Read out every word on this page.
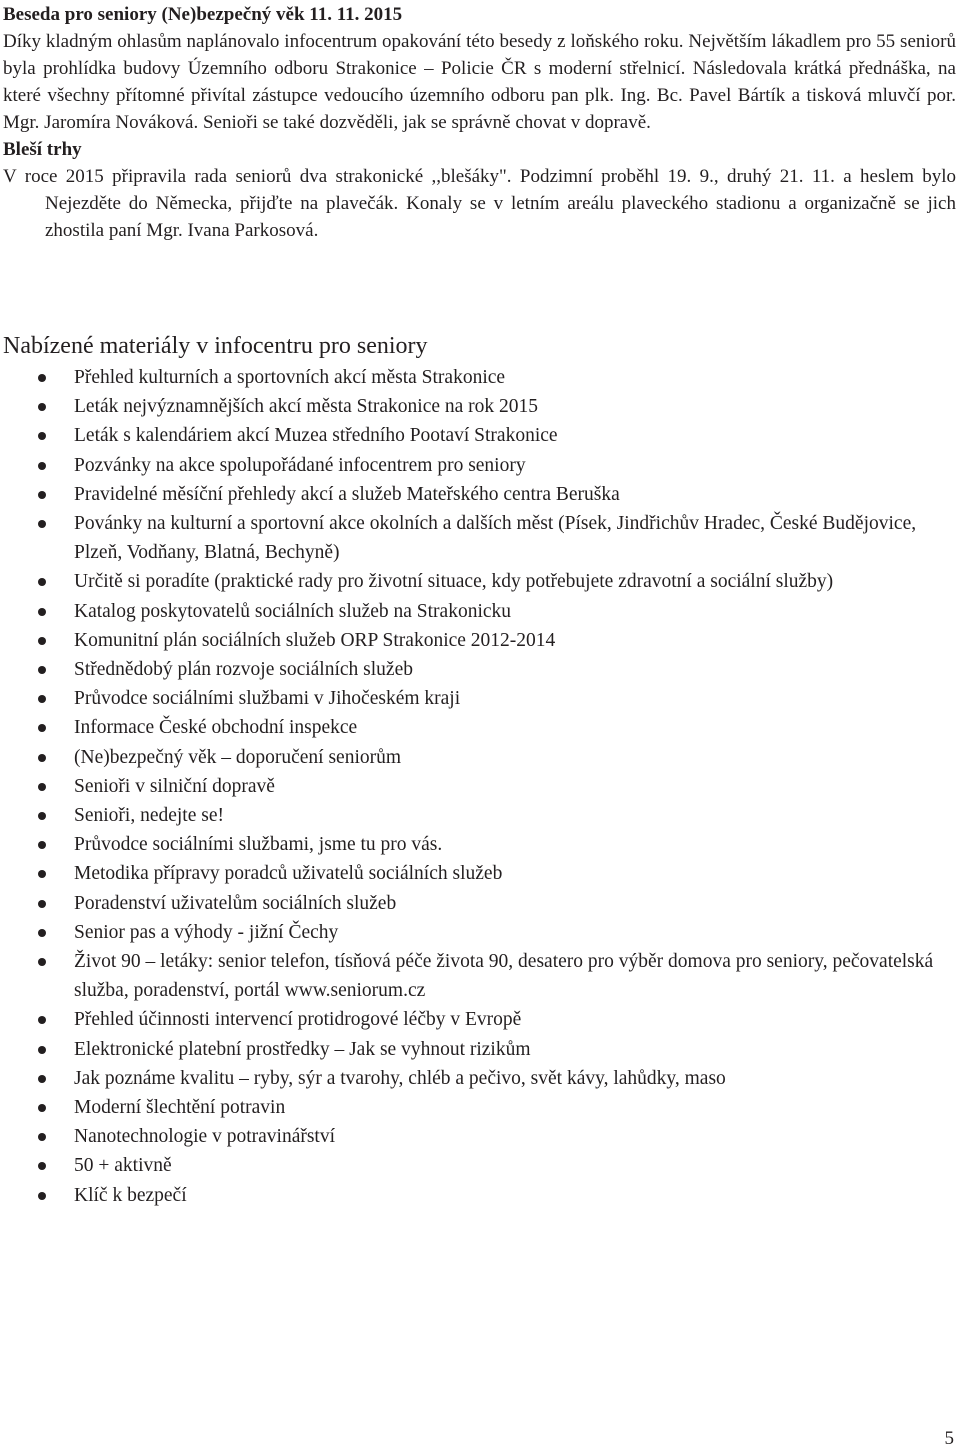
Beseda pro seniory (Ne)bezpečný věk 11. 11. 2015
Díky kladným ohlasům naplánovalo infocentrum opakování této besedy z loňského roku. Největším lákadlem pro 55 seniorů byla prohlídka budovy Územního odboru Strakonice – Policie ČR s moderní střelnicí. Následovala krátká přednáška, na které všechny přítomné přivítal zástupce vedoucího územního odboru pan plk. Ing. Bc. Pavel Bártík a tisková mluvčí por. Mgr. Jaromíra Nováková. Senioři se také dozvěděli, jak se správně chovat v dopravě.

Bleší trhy

V roce 2015 připravila rada seniorů dva strakonické ,,blešáky". Podzimní proběhl 19. 9., druhý 21. 11. a heslem bylo Nejezděte do Německa, přijďte na plavečák. Konaly se v letním areálu plaveckého stadionu a organizačně se jich zhostila paní Mgr. Ivana Parkosová.

Nabízené materiály v infocentru pro seniory
Přehled kulturních a sportovních akcí města Strakonice
Leták nejvýznamnějších akcí města Strakonice na rok 2015
Leták s kalendáriem akcí Muzea středního Pootaví Strakonice
Pozvánky na akce spolupořádané infocentrem pro seniory
Pravidelné měsíční přehledy akcí a služeb Mateřského centra Beruška
Povánky na kulturní a sportovní akce okolních a dalších měst (Písek, Jindřichův Hradec, České Budějovice, Plzeň, Vodňany, Blatná, Bechyně)
Určitě si poradíte (praktické rady pro životní situace, kdy potřebujete zdravotní a sociální služby)
Katalog poskytovatelů sociálních služeb na Strakonicku
Komunitní plán sociálních služeb ORP Strakonice 2012-2014
Střednědobý plán rozvoje sociálních služeb
Průvodce sociálními službami v Jihočeském kraji
Informace České obchodní inspekce
(Ne)bezpečný věk – doporučení seniorům
Senioři v silniční dopravě
Senioři, nedejte se!
Průvodce sociálními službami, jsme tu pro vás.
Metodika přípravy poradců uživatelů sociálních služeb
Poradenství uživatelům sociálních služeb
Senior pas a výhody - jižní Čechy
Život 90 – letáky: senior telefon, tísňová péče života 90, desatero pro výběr domova pro seniory, pečovatelská služba, poradenství, portál www.seniorum.cz
Přehled účinnosti intervencí protidrogové léčby v Evropě
Elektronické platební prostředky – Jak se vyhnout rizikům
Jak poznáme kvalitu – ryby, sýr a tvarohy, chléb a pečivo, svět kávy, lahůdky, maso
Moderní šlechtění potravin
Nanotechnologie v potravinářství
50 + aktivně
Klíč k bezpečí
5
